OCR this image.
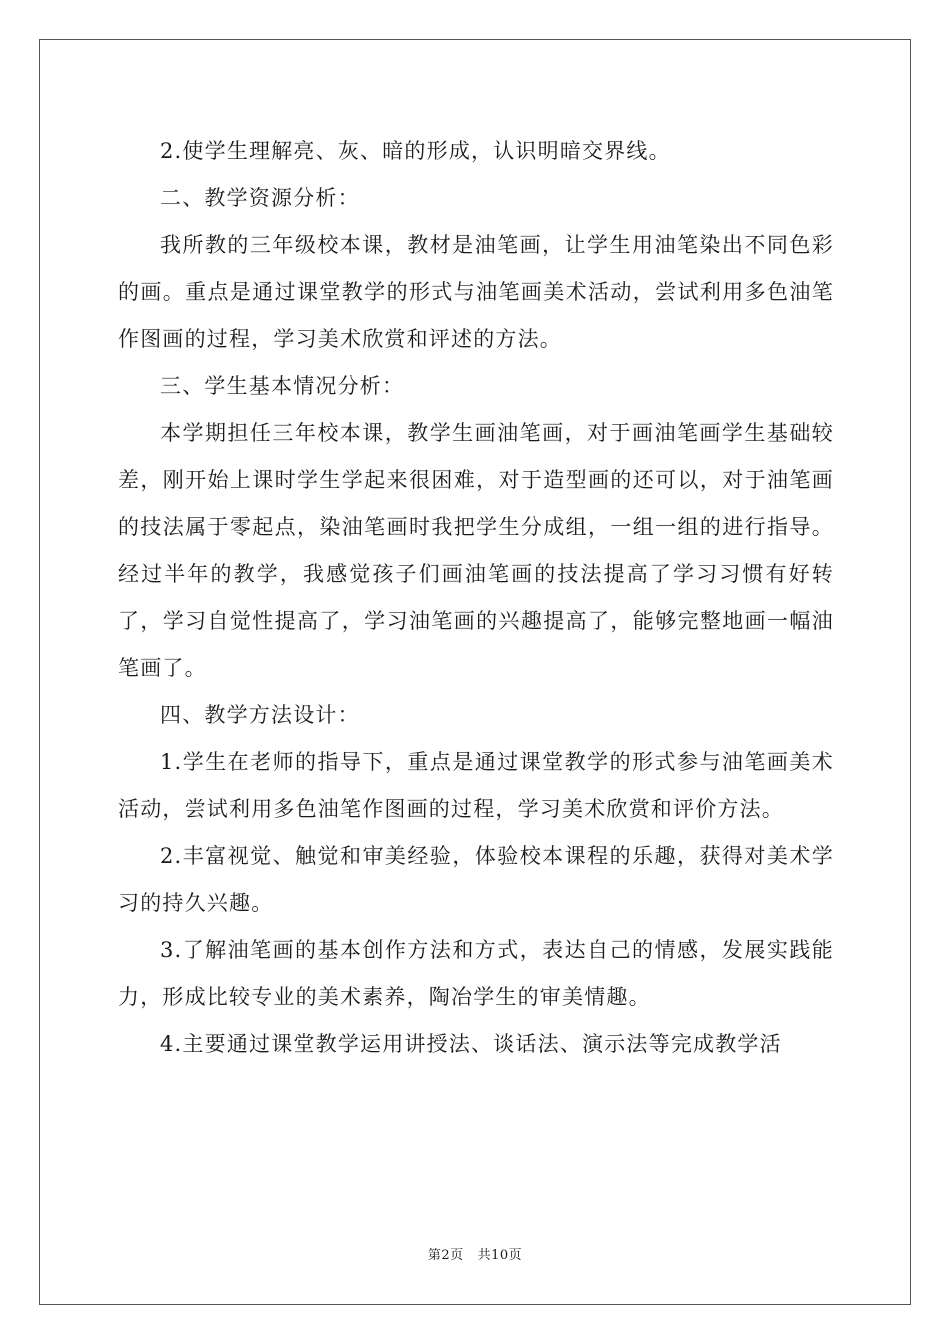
2.使学生理解亮、灰、暗的形成，认识明暗交界线。

二、教学资源分析：

我所教的三年级校本课，教材是油笔画，让学生用油笔染出不同色彩的画。重点是通过课堂教学的形式与油笔画美术活动，尝试利用多色油笔作图画的过程，学习美术欣赏和评述的方法。

三、学生基本情况分析：

本学期担任三年校本课，教学生画油笔画，对于画油笔画学生基础较差，刚开始上课时学生学起来很困难，对于造型画的还可以，对于油笔画的技法属于零起点，染油笔画时我把学生分成组，一组一组的进行指导。经过半年的教学，我感觉孩子们画油笔画的技法提高了学习习惯有好转了，学习自觉性提高了，学习油笔画的兴趣提高了，能够完整地画一幅油笔画了。

四、教学方法设计：

1.学生在老师的指导下，重点是通过课堂教学的形式参与油笔画美术活动，尝试利用多色油笔作图画的过程，学习美术欣赏和评价方法。

2.丰富视觉、触觉和审美经验，体验校本课程的乐趣，获得对美术学习的持久兴趣。

3.了解油笔画的基本创作方法和方式，表达自己的情感，发展实践能力，形成比较专业的美术素养，陶冶学生的审美情趣。

4.主要通过课堂教学运用讲授法、谈话法、演示法等完成教学活

第2页 共10页
